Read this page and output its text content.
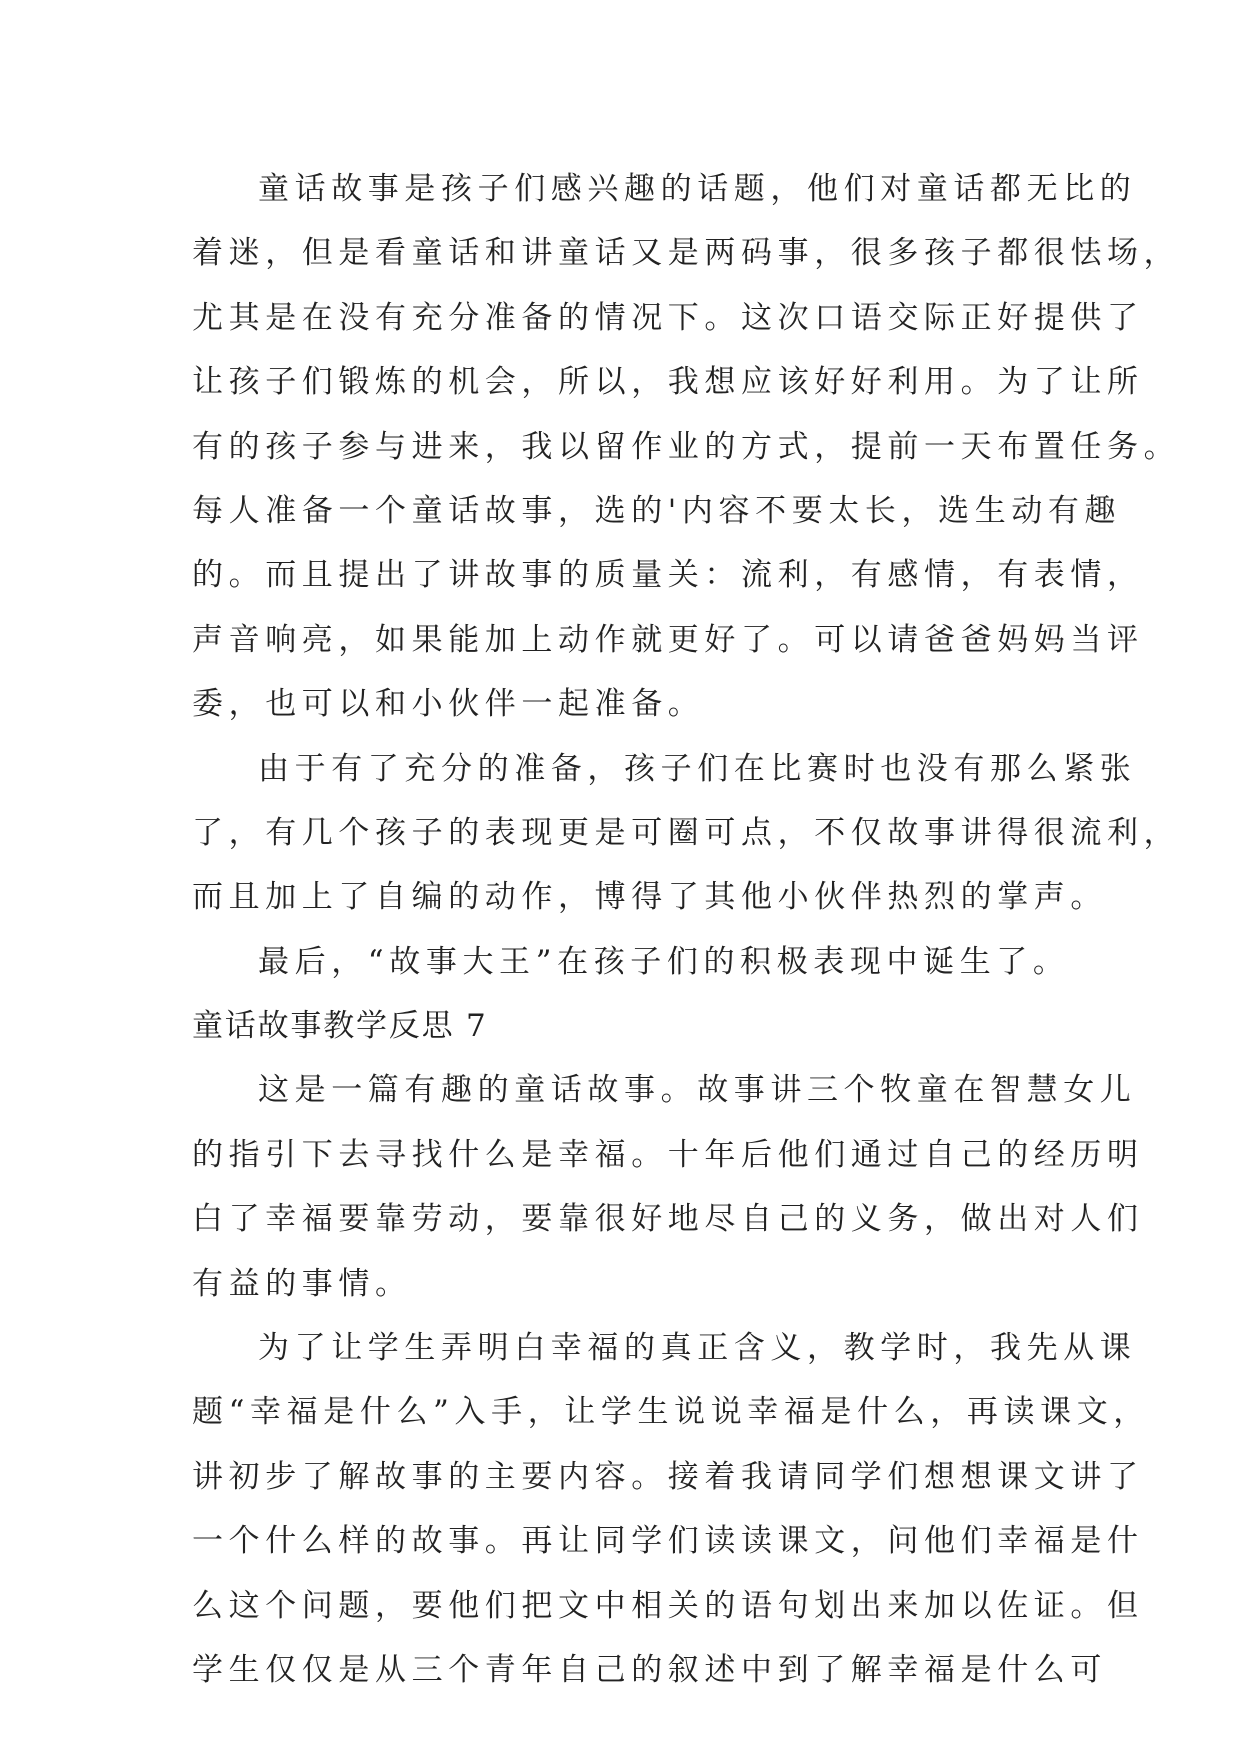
童话故事是孩子们感兴趣的话题，他们对童话都无比的
着迷，但是看童话和讲童话又是两码事，很多孩子都很怯场，
尤其是在没有充分准备的情况下。这次口语交际正好提供了
让孩子们锻炼的机会，所以，我想应该好好利用。为了让所
有的孩子参与进来，我以留作业的方式，提前一天布置任务。
每人准备一个童话故事，选的'内容不要太长，选生动有趣
的。而且提出了讲故事的质量关：流利，有感情，有表情，
声音响亮，如果能加上动作就更好了。可以请爸爸妈妈当评
委，也可以和小伙伴一起准备。
由于有了充分的准备，孩子们在比赛时也没有那么紧张
了，有几个孩子的表现更是可圈可点，不仅故事讲得很流利，
而且加上了自编的动作，博得了其他小伙伴热烈的掌声。
最后，“故事大王”在孩子们的积极表现中诞生了。
童话故事教学反思 7
这是一篇有趣的童话故事。故事讲三个牧童在智慧女儿
的指引下去寻找什么是幸福。十年后他们通过自己的经历明
白了幸福要靠劳动，要靠很好地尽自己的义务，做出对人们
有益的事情。
为了让学生弄明白幸福的真正含义，教学时，我先从课
题“幸福是什么”入手，让学生说说幸福是什么，再读课文，
讲初步了解故事的主要内容。接着我请同学们想想课文讲了
一个什么样的故事。再让同学们读读课文，问他们幸福是什
么这个问题，要他们把文中相关的语句划出来加以佐证。但
学生仅仅是从三个青年自己的叙述中到了解幸福是什么可
